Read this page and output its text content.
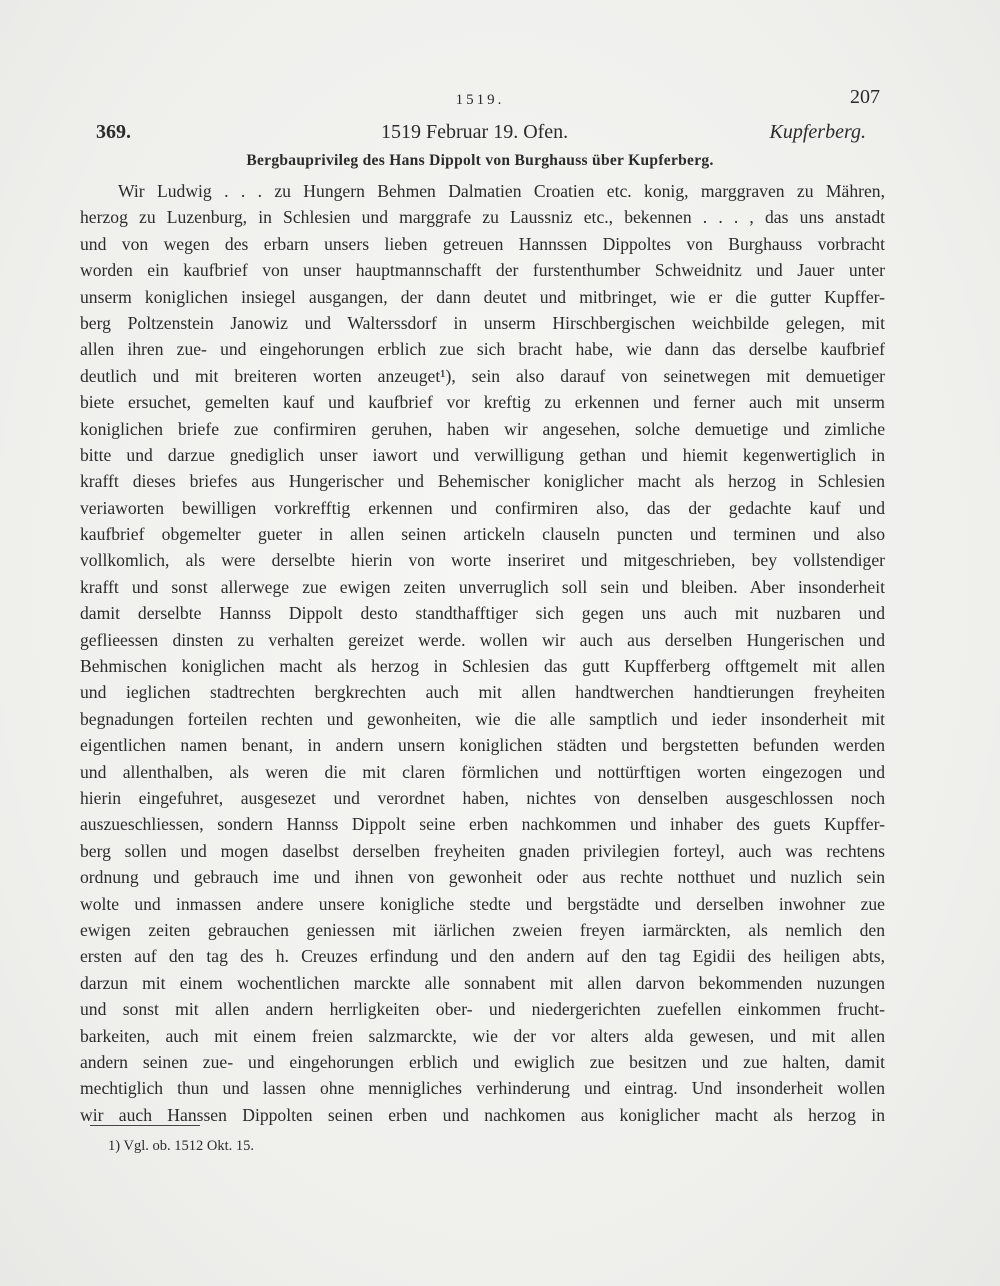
1519.	207
369.	1519 Februar 19. Ofen.	Kupferberg.
Bergbauprivileg des Hans Dippolt von Burghauss über Kupferberg.
Wir Ludwig . . . zu Hungern Behmen Dalmatien Croatien etc. konig, marggraven zu Mähren,
herzog zu Luzenburg, in Schlesien und marggrafe zu Laussniz etc., bekennen . . . , das uns anstadt
und von wegen des erbarn unsers lieben getreuen Hannssen Dippoltes von Burghauss vorbracht
worden ein kaufbrief von unser hauptmannschafft der furstenthumber Schweidnitz und Jauer unter
unserm koniglichen insiegel ausgangen, der dann deutet und mitbringet, wie er die gutter Kupffer-
berg Poltzenstein Janowiz und Walterssdorf in unserm Hirschbergischen weichbilde gelegen, mit
allen ihren zue- und eingehorungen erblich zue sich bracht habe, wie dann das derselbe kaufbrief
deutlich und mit breiteren worten anzeuget¹), sein also darauf von seinetwegen mit demuetiger
biete ersuchet, gemelten kauf und kaufbrief vor kreftig zu erkennen und ferner auch mit unserm
koniglichen briefe zue confirmiren geruhen, haben wir angesehen, solche demuetige und zimliche
bitte und darzue gnediglich unser iawort und verwilligung gethan und hiemit kegenwertiglich in
krafft dieses briefes aus Hungerischer und Behemischer koniglicher macht als herzog in Schlesien
veriaworten bewilligen vorkrefftig erkennen und confirmiren also, das der gedachte kauf und
kaufbrief obgemelter gueter in allen seinen artickeln clauseln puncten und terminen und also
vollkomlich, als were derselbte hierin von worte inseriret und mitgeschrieben, bey vollstendiger
krafft und sonst allerwege zue ewigen zeiten unverruglich soll sein und bleiben. Aber insonderheit
damit derselbte Hannss Dippolt desto standthafftiger sich gegen uns auch mit nuzbaren und
geflieessen dinsten zu verhalten gereizet werde. wollen wir auch aus derselben Hungerischen und
Behmischen koniglichen macht als herzog in Schlesien das gutt Kupfferberg offtgemelt mit allen
und ieglichen stadtrechten bergkrechten auch mit allen handtwerchen handtierungen freyheiten
begnadungen forteilen rechten und gewonheiten, wie die alle samptlich und ieder insonderheit mit
eigentlichen namen benant, in andern unsern koniglichen städten und bergstetten befunden werden
und allenthalben, als weren die mit claren förmlichen und nottürftigen worten eingezogen und
hierin eingefuhret, ausgesezet und verordnet haben, nichtes von denselben ausgeschlossen noch
auszueschliessen, sondern Hannss Dippolt seine erben nachkommen und inhaber des guets Kupffer-
berg sollen und mogen daselbst derselben freyheiten gnaden privilegien forteyl, auch was rechtens
ordnung und gebrauch ime und ihnen von gewonheit oder aus rechte notthuet und nuzlich sein
wolte und inmassen andere unsere konigliche stedte und bergstädte und derselben inwohner zue
ewigen zeiten gebrauchen geniessen mit iärlichen zweien freyen iarmärckten, als nemlich den
ersten auf den tag des h. Creuzes erfindung und den andern auf den tag Egidii des heiligen abts,
darzun mit einem wochentlichen marckte alle sonnabent mit allen darvon bekommenden nuzungen
und sonst mit allen andern herrligkeiten ober- und niedergerichten zuefellen einkommen frucht-
barkeiten, auch mit einem freien salzmarckte, wie der vor alters alda gewesen, und mit allen
andern seinen zue- und eingehorungen erblich und ewiglich zue besitzen und zue halten, damit
mechtiglich thun und lassen ohne mennigliches verhinderung und eintrag. Und insonderheit wollen
wir auch Hanssen Dippolten seinen erben und nachkomen aus koniglicher macht als herzog in
1) Vgl. ob. 1512 Okt. 15.
